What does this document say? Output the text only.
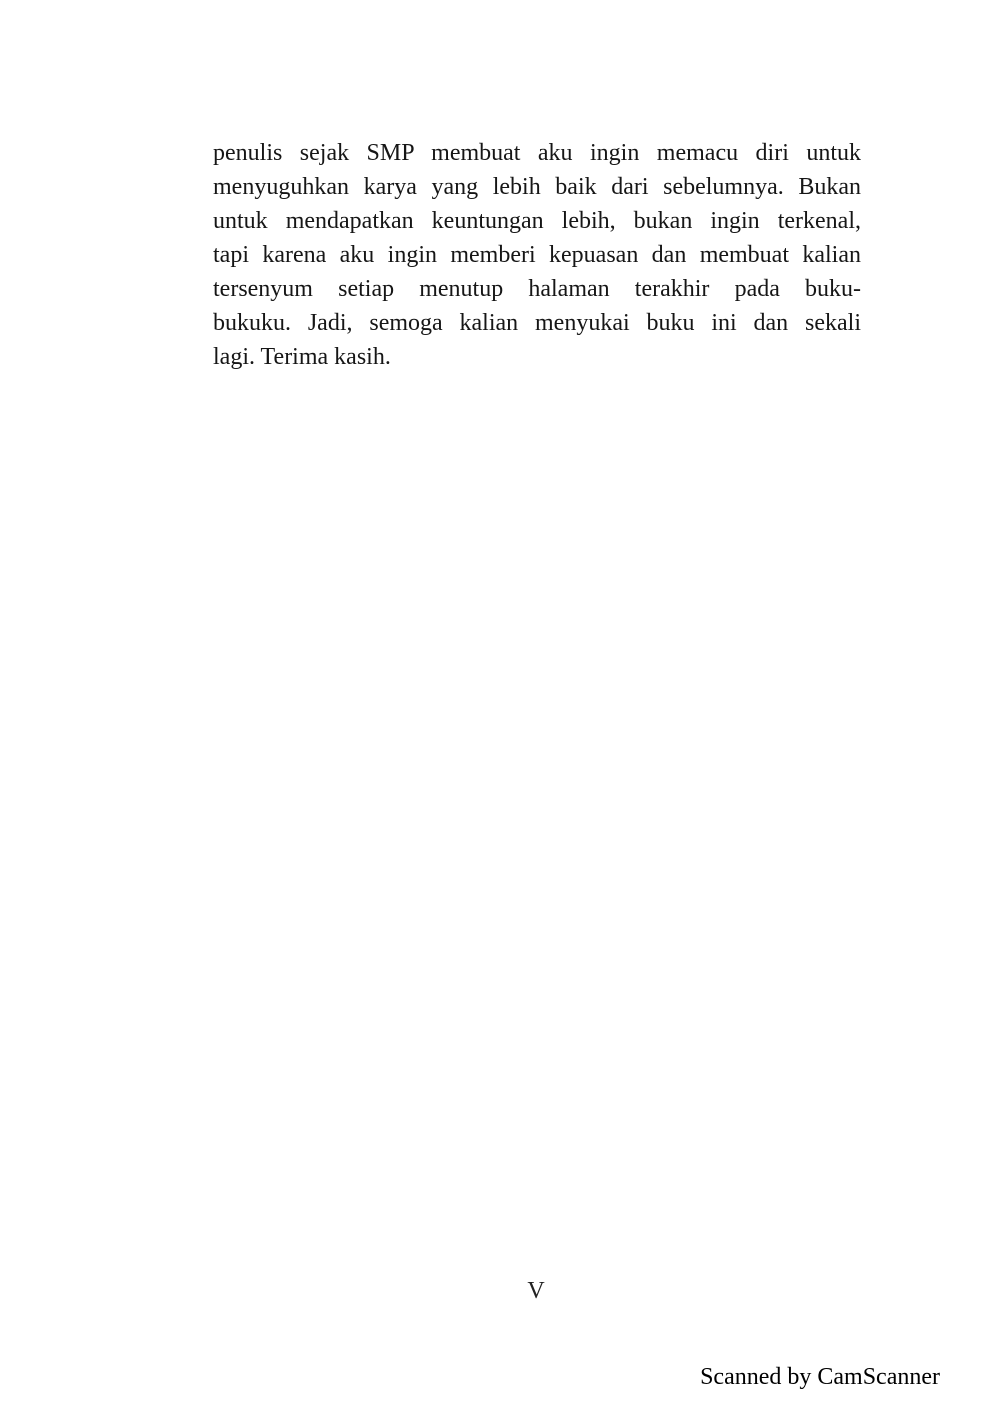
penulis sejak SMP membuat aku ingin memacu diri untuk
menyuguhkan karya yang lebih baik dari sebelumnya. Bukan
untuk mendapatkan keuntungan lebih, bukan ingin terkenal,
tapi karena aku ingin memberi kepuasan dan membuat kalian
tersenyum setiap menutup halaman terakhir pada buku-
bukuku. Jadi, semoga kalian menyukai buku ini dan sekali
lagi. Terima kasih.
V
Scanned by CamScanner
